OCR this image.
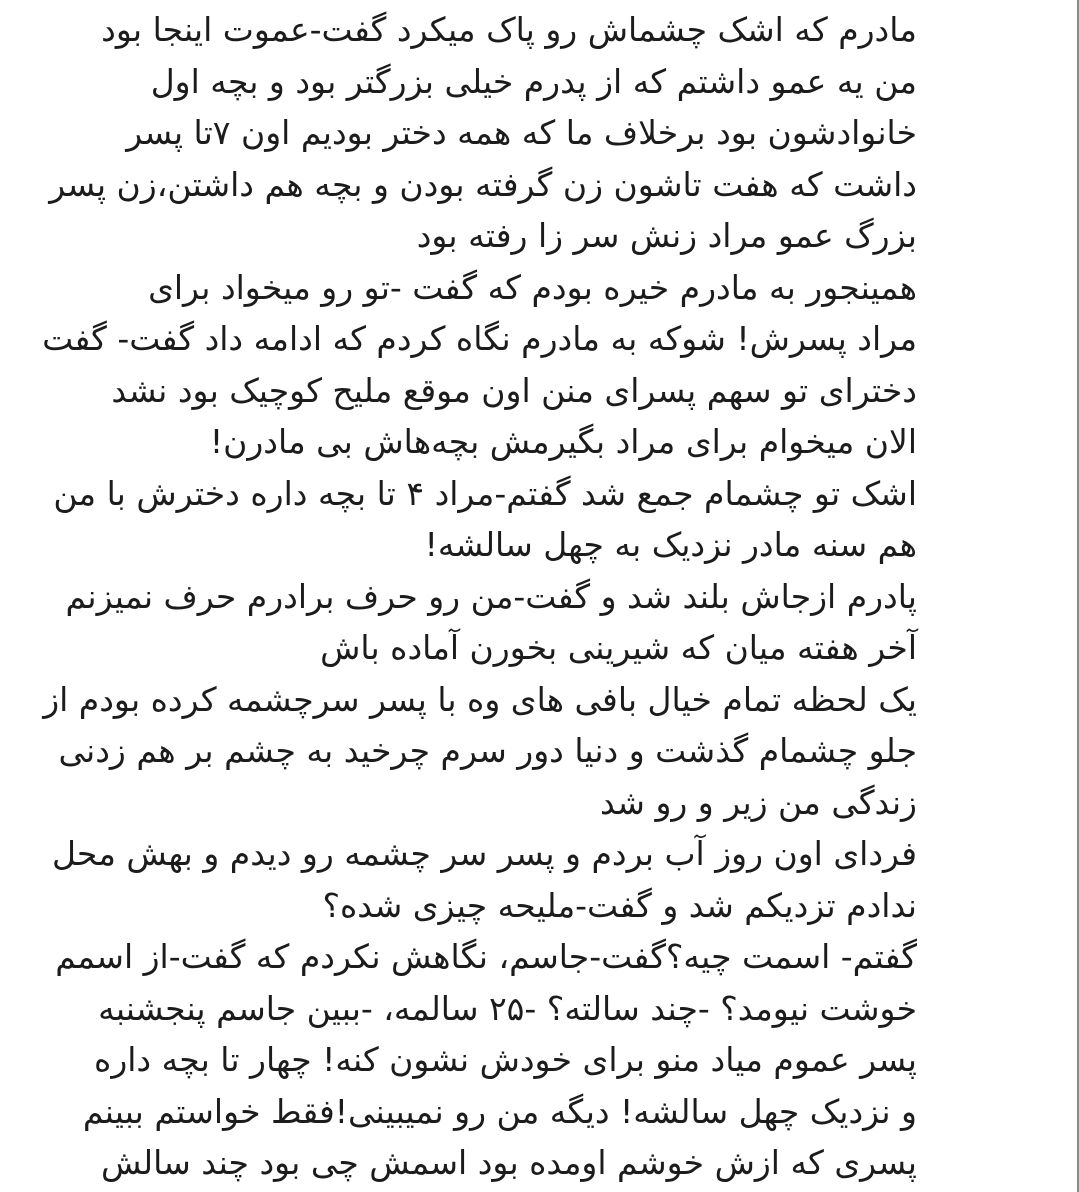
مادرم که اشک چشماش رو پاک میکرد گفت-عموت اینجا بود
من یه عمو داشتم که از پدرم خیلی بزرگتر بود و بچه اول
خانوادشون بود برخلاف ما که همه دختر بودیم اون ۷تا پسر
داشت که هفت تاشون زن گرفته بودن و بچه هم داشتن،زن پسر
بزرگ عمو مراد زنش سر زا رفته بود
همینجور به مادرم خیره بودم که گفت -تو رو میخواد برای
مراد پسرش! شوکه به مادرم نگاه کردم که ادامه داد گفت- گفت
دخترای تو سهم پسرای منن اون موقع ملیح کوچیک بود نشد
الان میخوام برای مراد بگیرمش بچه‌هاش بی مادرن!
اشک تو چشمام جمع شد گفتم-مراد ۴ تا بچه داره دخترش با من
هم سنه مادر نزدیک به چهل سالشه!
پادرم ازجاش بلند شد و گفت-من رو حرف برادرم حرف نمیزنم
آخر هفته میان که شیرینی بخورن آماده باش
یک لحظه تمام خیال بافی های وه با پسر سرچشمه کرده بودم از
جلو چشمام گذشت و دنیا دور سرم چرخید به چشم بر هم زدنی
زندگی من زیر و رو شد
فردای اون روز آب بردم و پسر سر چشمه رو دیدم و بهش محل
ندادم تزدیکم شد و گفت-ملیحه چیزی شده؟
گفتم- اسمت چیه؟گفت-جاسم، نگاهش نکردم که گفت-از اسمم
خوشت نیومد؟ -چند سالته؟ -۲۵ سالمه، -ببین جاسم پنجشنبه
پسر عموم میاد منو برای خودش نشون کنه! چهار تا بچه داره
و نزدیک چهل سالشه! دیگه من رو نمیبینی!فقط خواستم ببینم
پسری که ازش خوشم اومده بود اسمش چی بود چند سالش
